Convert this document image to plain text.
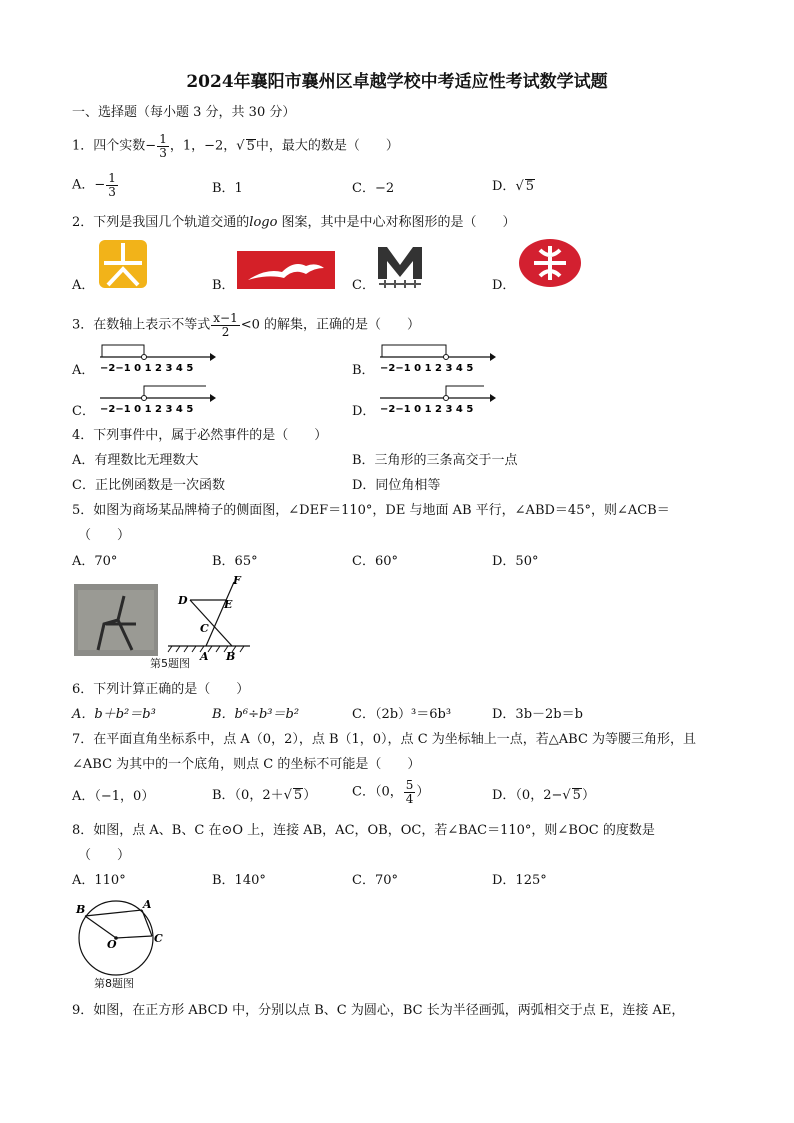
2024年襄阳市襄州区卓越学校中考适应性考试数学试题
一、选择题（每小题 3 分，共 30 分）
1．四个实数− $\frac{1}{3}$ ，1，−2，√ 5中，最大的数是（　　）
A．− $\frac{1}{3}$	B．1	C．−2	D．√ 5
2．下列是我国几个轨道交通的logo 图案，其中是中心对称图形的是（　　）
A．	B．	C．	D．
3．在数轴上表示不等式 $\frac{x-1}{2} <0$ 的解集，正确的是（　　）
A． −2−1 0 1 2 3 4 5	B． −2−1 0 1 2 3 4 5
C． −2−1 0 1 2 3 4 5	D． −2−1 0 1 2 3 4 5
4．下列事件中，属于必然事件的是（　　）
A．有理数比无理数大	B．三角形的三条高交于一点
C．正比例函数是一次函数	D．同位角相等
5．如图为商场某品牌椅子的侧面图，∠DEF＝110°，DE 与地面 AB 平行，∠ABD＝45°，则∠ACB＝
（　　）
A．70°	B．65°	C．60°	D．50°
F
D	E
C
A B
第5题图
6．下列计算正确的是（　　）
A．b＋b²＝b³	B．b⁶÷b³＝b²	C．（2b）³＝6b³	D．3b－2b＝b
7．在平面直角坐标系中，点 A（0，2），点 B（1，0），点 C 为坐标轴上一点，若△ABC 为等腰三角形，且
∠ABC 为其中的一个底角，则点 C 的坐标不可能是（　　）
A．（−1，0）	B．（0，2＋√ 5）	C．（0， $\frac{5}{4}$ ）	D．（0，2−√ 5）
8．如图，点 A、B、C 在⊙O 上，连接 AB，AC，OB，OC，若∠BAC＝110°，则∠BOC 的度数是
（　　）
A．110°	B．140°	C．70°	D．125°
B	A
O	C
第8题图
9．如图，在正方形 ABCD 中，分别以点 B、C 为圆心，BC 长为半径画弧，两弧相交于点 E，连接 AE，
